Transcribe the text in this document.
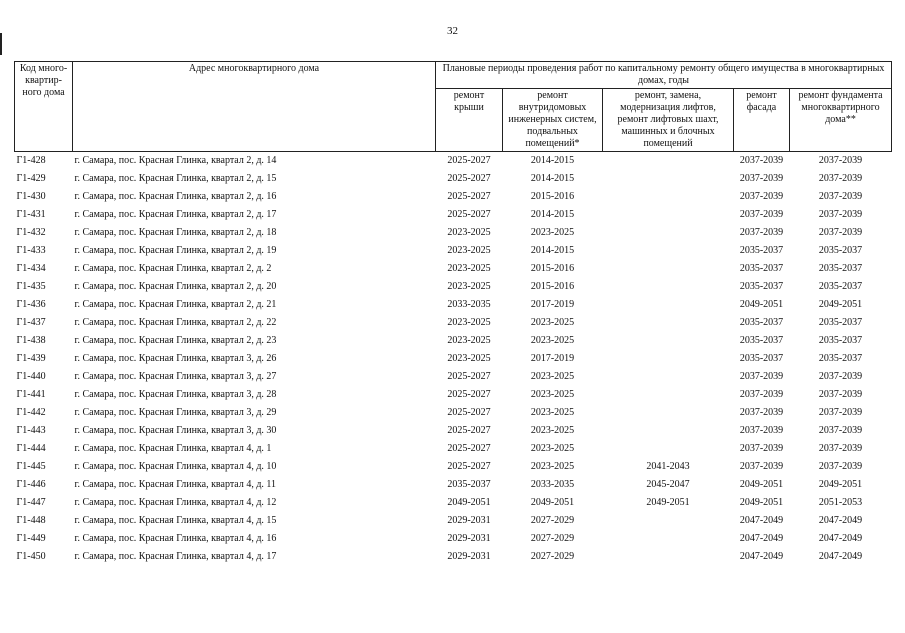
32
Код много-квартир-ного дома	Адрес многоквартирного дома	Плановые периоды проведения работ по капитальному ремонту общего имущества в многоквартирных домах, годы				
		ремонт крыши	ремонт внутридомовых инженерных систем, подвальных помещений*	ремонт, замена, модернизация лифтов, ремонт лифтовых шахт, машинных и блочных помещений	ремонт фасада	ремонт фундамента многоквартирного дома**
Г1-428	г. Самара, пос. Красная Глинка, квартал 2, д. 14	2025-2027	2014-2015		2037-2039	2037-2039
Г1-429	г. Самара, пос. Красная Глинка, квартал 2, д. 15	2025-2027	2014-2015		2037-2039	2037-2039
Г1-430	г. Самара, пос. Красная Глинка, квартал 2, д. 16	2025-2027	2015-2016		2037-2039	2037-2039
Г1-431	г. Самара, пос. Красная Глинка, квартал 2, д. 17	2025-2027	2014-2015		2037-2039	2037-2039
Г1-432	г. Самара, пос. Красная Глинка, квартал 2, д. 18	2023-2025	2023-2025		2037-2039	2037-2039
Г1-433	г. Самара, пос. Красная Глинка, квартал 2, д. 19	2023-2025	2014-2015		2035-2037	2035-2037
Г1-434	г. Самара, пос. Красная Глинка, квартал 2, д. 2	2023-2025	2015-2016		2035-2037	2035-2037
Г1-435	г. Самара, пос. Красная Глинка, квартал 2, д. 20	2023-2025	2015-2016		2035-2037	2035-2037
Г1-436	г. Самара, пос. Красная Глинка, квартал 2, д. 21	2033-2035	2017-2019		2049-2051	2049-2051
Г1-437	г. Самара, пос. Красная Глинка, квартал 2, д. 22	2023-2025	2023-2025		2035-2037	2035-2037
Г1-438	г. Самара, пос. Красная Глинка, квартал 2, д. 23	2023-2025	2023-2025		2035-2037	2035-2037
Г1-439	г. Самара, пос. Красная Глинка, квартал 3, д. 26	2023-2025	2017-2019		2035-2037	2035-2037
Г1-440	г. Самара, пос. Красная Глинка, квартал 3, д. 27	2025-2027	2023-2025		2037-2039	2037-2039
Г1-441	г. Самара, пос. Красная Глинка, квартал 3, д. 28	2025-2027	2023-2025		2037-2039	2037-2039
Г1-442	г. Самара, пос. Красная Глинка, квартал 3, д. 29	2025-2027	2023-2025		2037-2039	2037-2039
Г1-443	г. Самара, пос. Красная Глинка, квартал 3, д. 30	2025-2027	2023-2025		2037-2039	2037-2039
Г1-444	г. Самара, пос. Красная Глинка, квартал 4, д. 1	2025-2027	2023-2025		2037-2039	2037-2039
Г1-445	г. Самара, пос. Красная Глинка, квартал 4, д. 10	2025-2027	2023-2025	2041-2043	2037-2039	2037-2039
Г1-446	г. Самара, пос. Красная Глинка, квартал 4, д. 11	2035-2037	2033-2035	2045-2047	2049-2051	2049-2051
Г1-447	г. Самара, пос. Красная Глинка, квартал 4, д. 12	2049-2051	2049-2051	2049-2051	2049-2051	2051-2053
Г1-448	г. Самара, пос. Красная Глинка, квартал 4, д. 15	2029-2031	2027-2029		2047-2049	2047-2049
Г1-449	г. Самара, пос. Красная Глинка, квартал 4, д. 16	2029-2031	2027-2029		2047-2049	2047-2049
Г1-450	г. Самара, пос. Красная Глинка, квартал 4, д. 17	2029-2031	2027-2029		2047-2049	2047-2049
